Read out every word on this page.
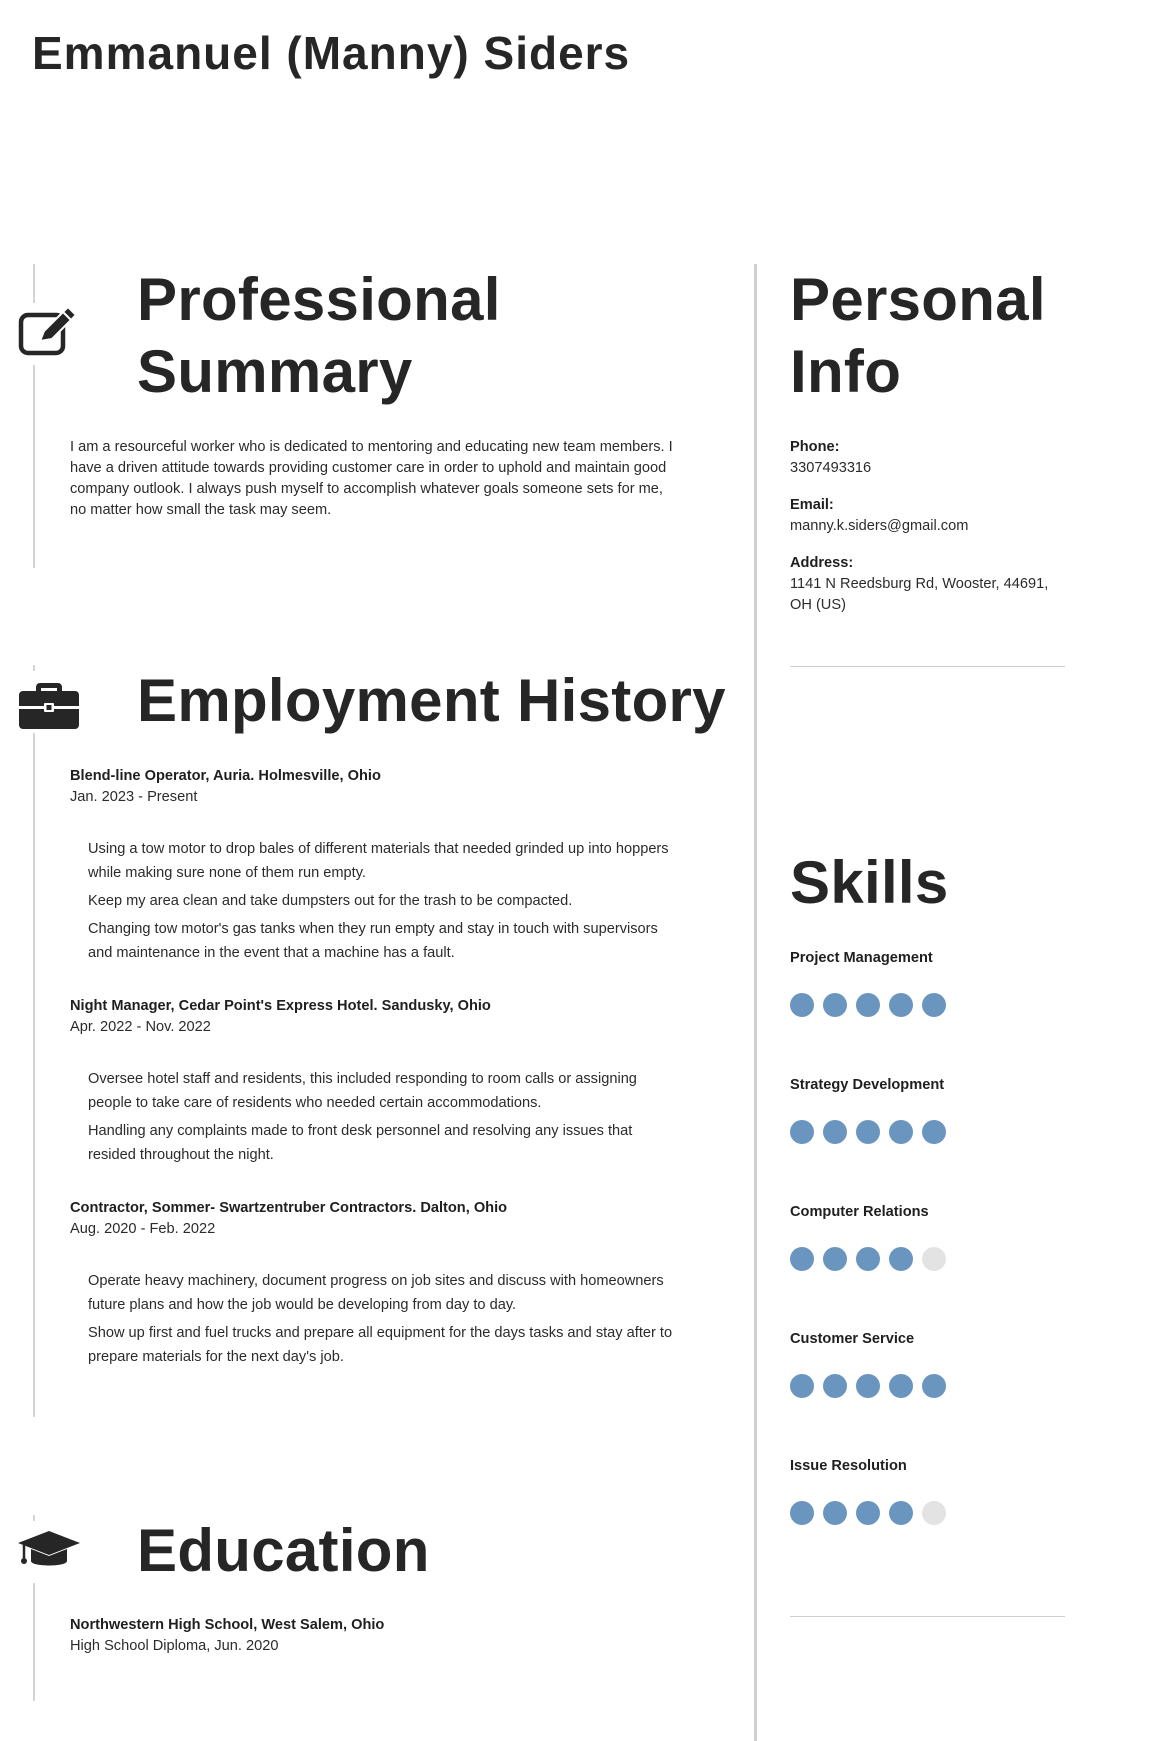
Emmanuel (Manny) Siders

Professional

Summary

I am a resourceful worker who is dedicated to mentoring and educating new team members. I

have a driven attitude towards providing customer care in order to uphold and maintain good

company outlook. I always push myself to accomplish whatever goals someone sets for me,

no matter how small the task may seem.

Employment History

Blend-line Operator, Auria. Holmesville, Ohio

Jan. 2023 - Present

Using a tow motor to drop bales of different materials that needed grinded up into hoppers
while making sure none of them run empty.
Keep my area clean and take dumpsters out for the trash to be compacted.
Changing tow motor's gas tanks when they run empty and stay in touch with supervisors
and maintenance in the event that a machine has a fault.

Night Manager, Cedar Point's Express Hotel. Sandusky, Ohio

Apr. 2022 - Nov. 2022

Oversee hotel staff and residents, this included responding to room calls or assigning
people to take care of residents who needed certain accommodations.
Handling any complaints made to front desk personnel and resolving any issues that
resided throughout the night.

Contractor, Sommer- Swartzentruber Contractors. Dalton, Ohio

Aug. 2020 - Feb. 2022

Operate heavy machinery, document progress on job sites and discuss with homeowners
future plans and how the job would be developing from day to day.
Show up first and fuel trucks and prepare all equipment for the days tasks and stay after to
prepare materials for the next day's job.

Education

Northwestern High School, West Salem, Ohio

High School Diploma, Jun. 2020

Personal

Info

Phone:

3307493316

Email:

manny.k.siders@gmail.com

Address:

1141 N Reedsburg Rd, Wooster, 44691,

OH (US)

Skills

Project Management

Strategy Development

Computer Relations

Customer Service

Issue Resolution
